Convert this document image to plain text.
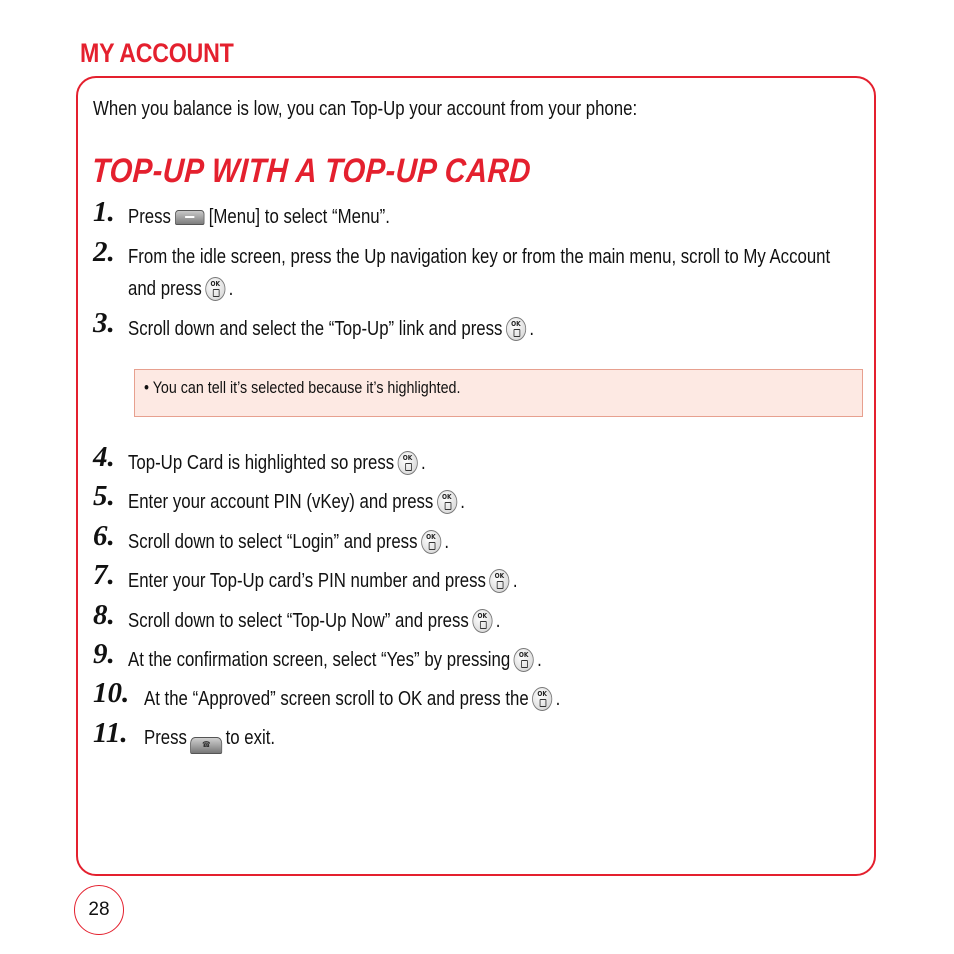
MY ACCOUNT

When you balance is low, you can Top-Up your account from your phone:

TOP-UP WITH A TOP-UP CARD
1. Press [Menu] to select “Menu”.
2. From the idle screen, press the Up navigation key or from the main menu, scroll to My Account
and press OK .
3. Scroll down and select the “Top-Up” link and press OK .
• You can tell it’s selected because it’s highlighted.
4. Top-Up Card is highlighted so press OK .
5. Enter your account PIN (vKey) and press OK .
6. Scroll down to select “Login” and press OK .
7. Enter your Top-Up card’s PIN number and press OK .
8. Scroll down to select “Top-Up Now” and press OK .
9. At the confirmation screen, select “Yes” by pressing OK .
10. At the “Approved” screen scroll to OK and press the OK .
11. Press ☎ to exit.
28
